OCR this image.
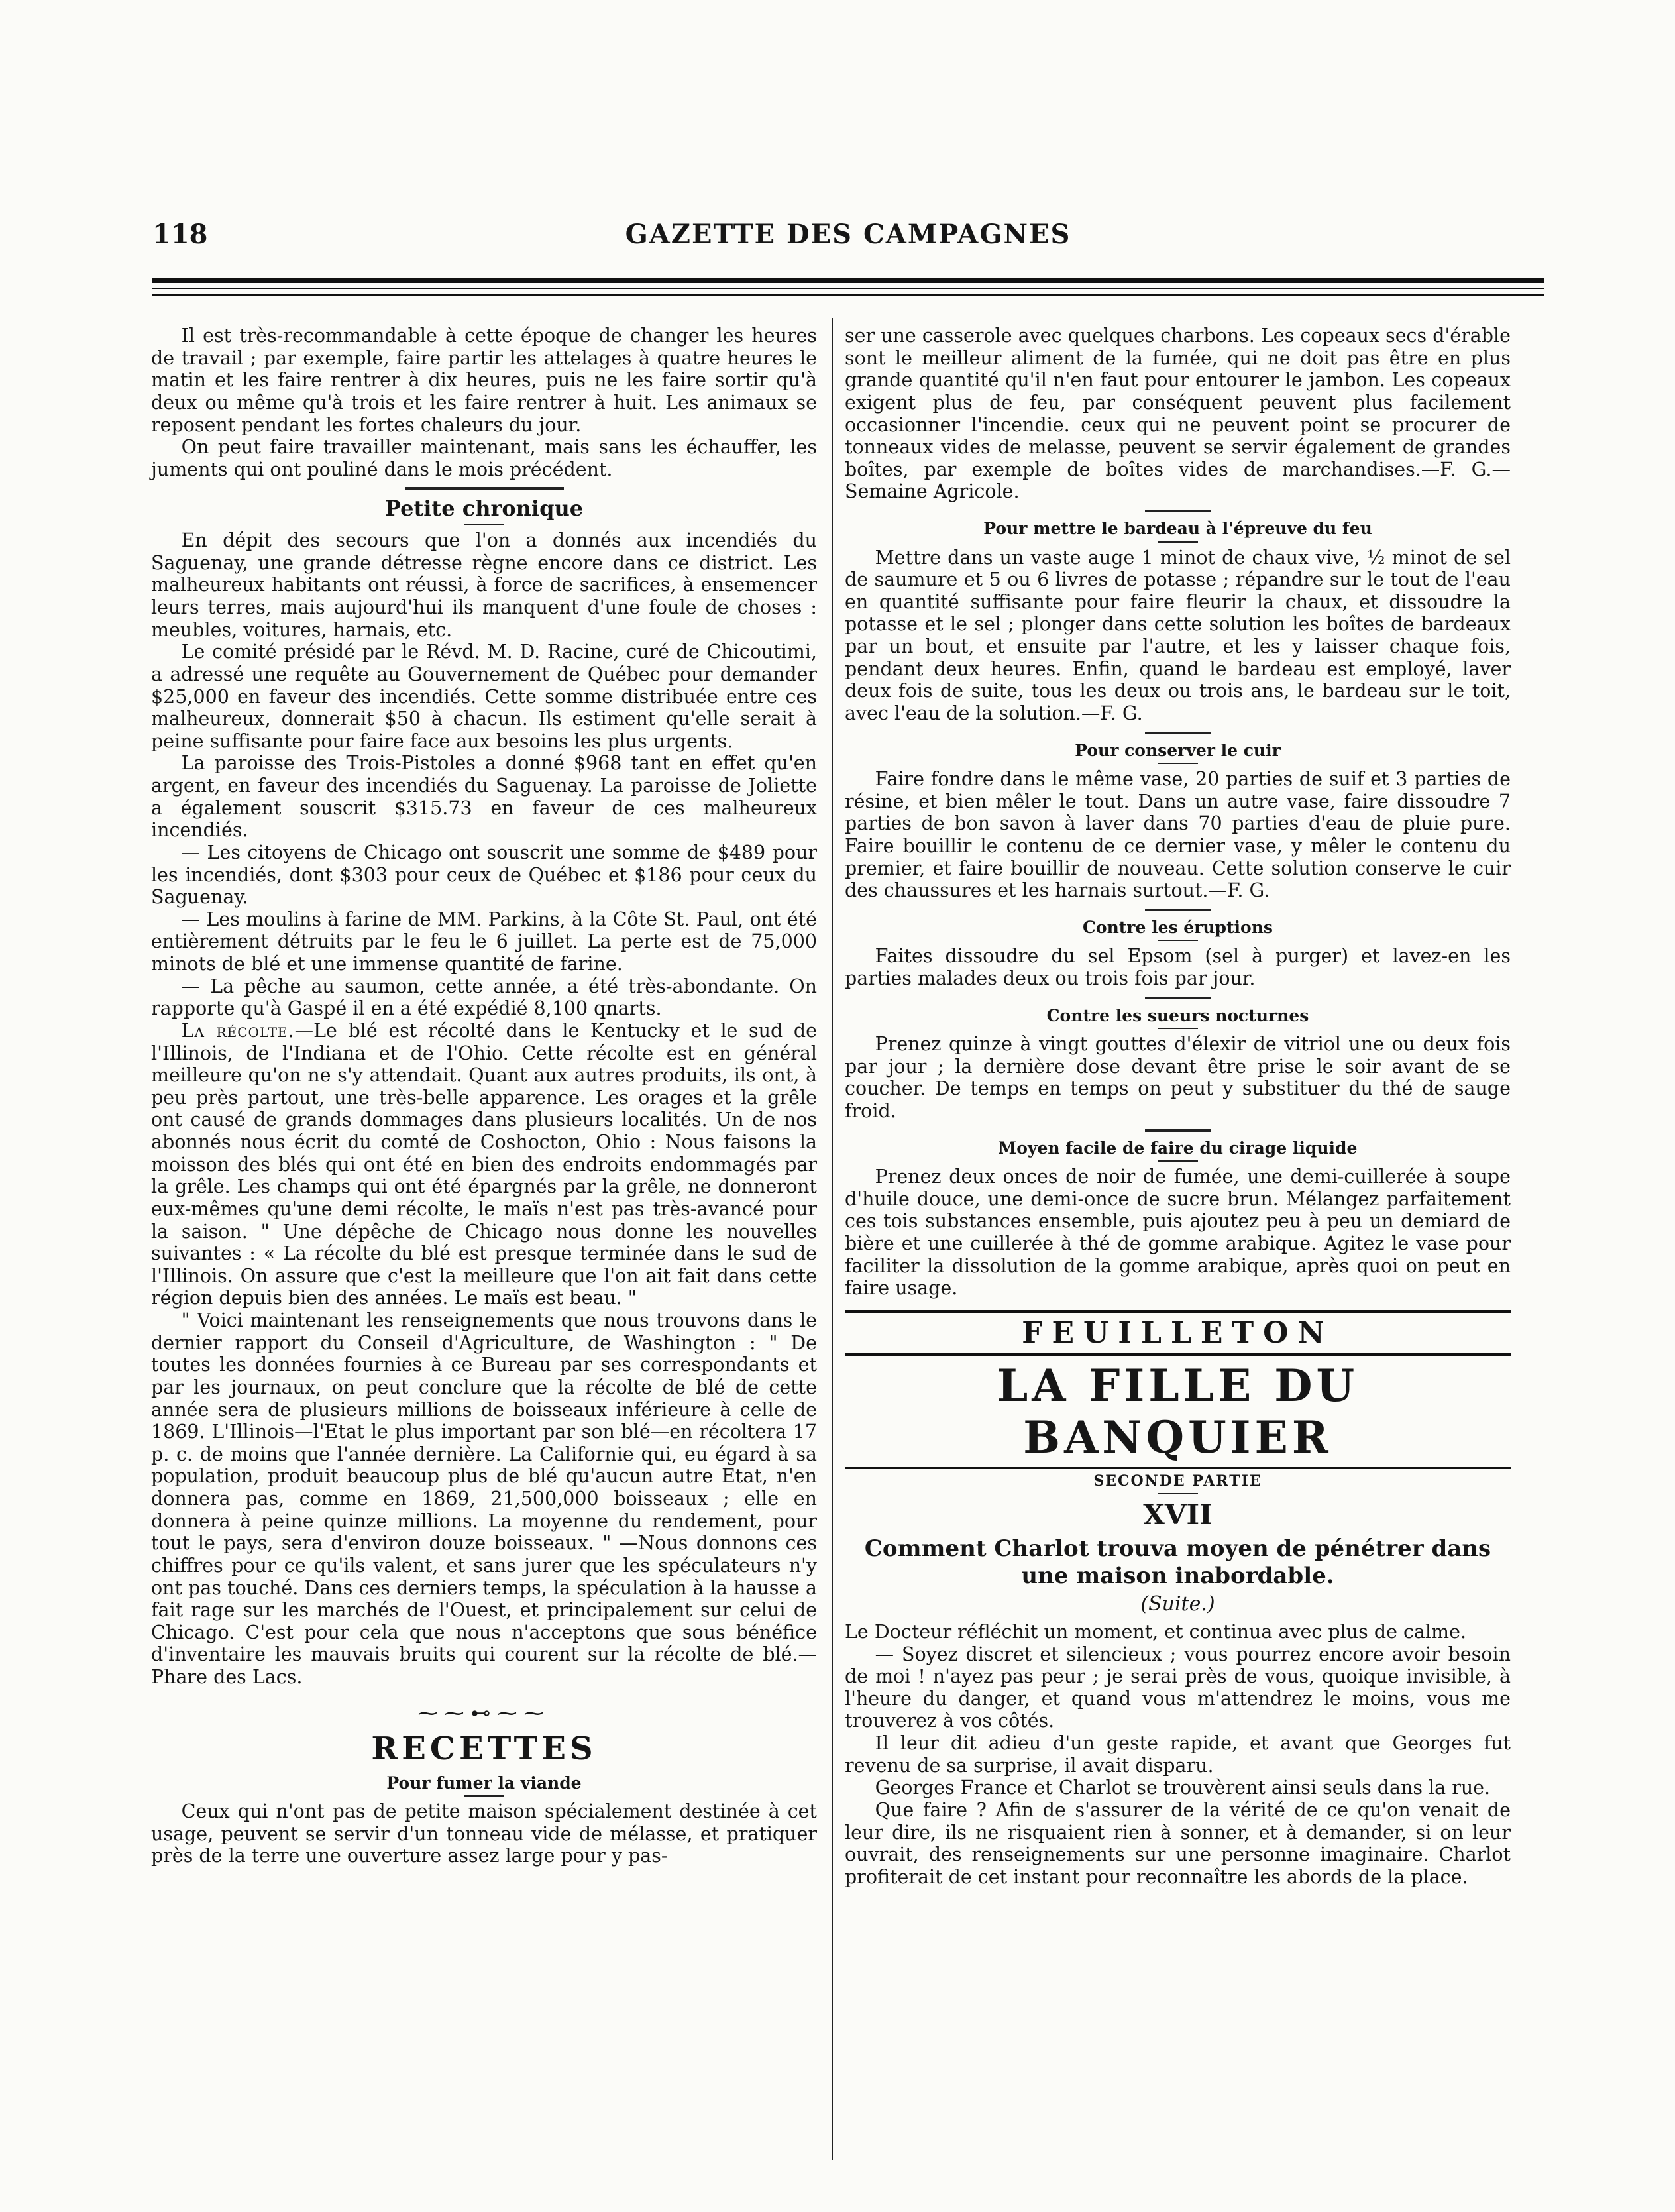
118	GAZETTE DES CAMPAGNES

Il est très-recommandable à cette époque de changer les heures de travail ; par exemple, faire partir les attelages à quatre heures le matin et les faire rentrer à dix heures, puis ne les faire sortir qu'à deux ou même qu'à trois et les faire rentrer à huit. Les animaux se reposent pendant les fortes chaleurs du jour.

On peut faire travailler maintenant, mais sans les échauffer, les juments qui ont pouliné dans le mois précédent.

Petite chronique

En dépit des secours que l'on a donnés aux incendiés du Saguenay, une grande détresse règne encore dans ce district. Les malheureux habitants ont réussi, à force de sacrifices, à ensemencer leurs terres, mais aujourd'hui ils manquent d'une foule de choses : meubles, voitures, harnais, etc.

Le comité présidé par le Révd. M. D. Racine, curé de Chicoutimi, a adressé une requête au Gouvernement de Québec pour demander $25,000 en faveur des incendiés. Cette somme distribuée entre ces malheureux, donnerait $50 à chacun. Ils estiment qu'elle serait à peine suffisante pour faire face aux besoins les plus urgents.

La paroisse des Trois-Pistoles a donné $968 tant en effet qu'en argent, en faveur des incendiés du Saguenay. La paroisse de Joliette a également souscrit $315.73 en faveur de ces malheureux incendiés.

— Les citoyens de Chicago ont souscrit une somme de $489 pour les incendiés, dont $303 pour ceux de Québec et $186 pour ceux du Saguenay.

— Les moulins à farine de MM. Parkins, à la Côte St. Paul, ont été entièrement détruits par le feu le 6 juillet. La perte est de 75,000 minots de blé et une immense quantité de farine.

— La pêche au saumon, cette année, a été très-abondante. On rapporte qu'à Gaspé il en a été expédié 8,100 qnarts.

La récolte.—Le blé est récolté dans le Kentucky et le sud de l'Illinois, de l'Indiana et de l'Ohio. Cette récolte est en général meilleure qu'on ne s'y attendait. Quant aux autres produits, ils ont, à peu près partout, une très-belle apparence. Les orages et la grêle ont causé de grands dommages dans plusieurs localités. Un de nos abonnés nous écrit du comté de Coshocton, Ohio : Nous faisons la moisson des blés qui ont été en bien des endroits endommagés par la grêle. Les champs qui ont été épargnés par la grêle, ne donneront eux-mêmes qu'une demi récolte, le maïs n'est pas très-avancé pour la saison. " Une dépêche de Chicago nous donne les nouvelles suivantes : « La récolte du blé est presque terminée dans le sud de l'Illinois. On assure que c'est la meilleure que l'on ait fait dans cette région depuis bien des années. Le maïs est beau. "

" Voici maintenant les renseignements que nous trouvons dans le dernier rapport du Conseil d'Agriculture, de Washington : " De toutes les données fournies à ce Bureau par ses correspondants et par les journaux, on peut conclure que la récolte de blé de cette année sera de plusieurs millions de boisseaux inférieure à celle de 1869. L'Illinois—l'Etat le plus important par son blé—en récoltera 17 p. c. de moins que l'année dernière. La Californie qui, eu égard à sa population, produit beaucoup plus de blé qu'aucun autre Etat, n'en donnera pas, comme en 1869, 21,500,000 boisseaux ; elle en donnera à peine quinze millions. La moyenne du rendement, pour tout le pays, sera d'environ douze boisseaux. " —Nous donnons ces chiffres pour ce qu'ils valent, et sans jurer que les spéculateurs n'y ont pas touché. Dans ces derniers temps, la spéculation à la hausse a fait rage sur les marchés de l'Ouest, et principalement sur celui de Chicago. C'est pour cela que nous n'acceptons que sous bénéfice d'inventaire les mauvais bruits qui courent sur la récolte de blé.—Phare des Lacs.

⁓⁓⊷⁓⁓
RECETTES
Pour fumer la viande

Ceux qui n'ont pas de petite maison spécialement destinée à cet usage, peuvent se servir d'un tonneau vide de mélasse, et pratiquer près de la terre une ouverture assez large pour y pas-

ser une casserole avec quelques charbons. Les copeaux secs d'érable sont le meilleur aliment de la fumée, qui ne doit pas être en plus grande quantité qu'il n'en faut pour entourer le jambon. Les copeaux exigent plus de feu, par conséquent peuvent plus facilement occasionner l'incendie. ceux qui ne peuvent point se procurer de tonneaux vides de melasse, peuvent se servir également de grandes boîtes, par exemple de boîtes vides de marchandises.—F. G.—Semaine Agricole.

Pour mettre le bardeau à l'épreuve du feu

Mettre dans un vaste auge 1 minot de chaux vive, ½ minot de sel de saumure et 5 ou 6 livres de potasse ; répandre sur le tout de l'eau en quantité suffisante pour faire fleurir la chaux, et dissoudre la potasse et le sel ; plonger dans cette solution les boîtes de bardeaux par un bout, et ensuite par l'autre, et les y laisser chaque fois, pendant deux heures. Enfin, quand le bardeau est employé, laver deux fois de suite, tous les deux ou trois ans, le bardeau sur le toit, avec l'eau de la solution.—F. G.

Pour conserver le cuir

Faire fondre dans le même vase, 20 parties de suif et 3 parties de résine, et bien mêler le tout. Dans un autre vase, faire dissoudre 7 parties de bon savon à laver dans 70 parties d'eau de pluie pure. Faire bouillir le contenu de ce dernier vase, y mêler le contenu du premier, et faire bouillir de nouveau. Cette solution conserve le cuir des chaussures et les harnais surtout.—F. G.

Contre les éruptions

Faites dissoudre du sel Epsom (sel à purger) et lavez-en les parties malades deux ou trois fois par jour.

Contre les sueurs nocturnes

Prenez quinze à vingt gouttes d'élexir de vitriol une ou deux fois par jour ; la dernière dose devant être prise le soir avant de se coucher. De temps en temps on peut y substituer du thé de sauge froid.

Moyen facile de faire du cirage liquide

Prenez deux onces de noir de fumée, une demi-cuillerée à soupe d'huile douce, une demi-once de sucre brun. Mélangez parfaitement ces tois substances ensemble, puis ajoutez peu à peu un demiard de bière et une cuillerée à thé de gomme arabique. Agitez le vase pour faciliter la dissolution de la gomme arabique, après quoi on peut en faire usage.

FEUILLETON
LA FILLE DU BANQUIER
SECONDE PARTIE
XVII
Comment Charlot trouva moyen de pénétrer dans une maison inabordable.
(Suite.)

Le Docteur réfléchit un moment, et continua avec plus de calme.

— Soyez discret et silencieux ; vous pourrez encore avoir besoin de moi ! n'ayez pas peur ; je serai près de vous, quoique invisible, à l'heure du danger, et quand vous m'attendrez le moins, vous me trouverez à vos côtés.

Il leur dit adieu d'un geste rapide, et avant que Georges fut revenu de sa surprise, il avait disparu.

Georges France et Charlot se trouvèrent ainsi seuls dans la rue.

Que faire ? Afin de s'assurer de la vérité de ce qu'on venait de leur dire, ils ne risquaient rien à sonner, et à demander, si on leur ouvrait, des renseignements sur une personne imaginaire. Charlot profiterait de cet instant pour reconnaître les abords de la place.
